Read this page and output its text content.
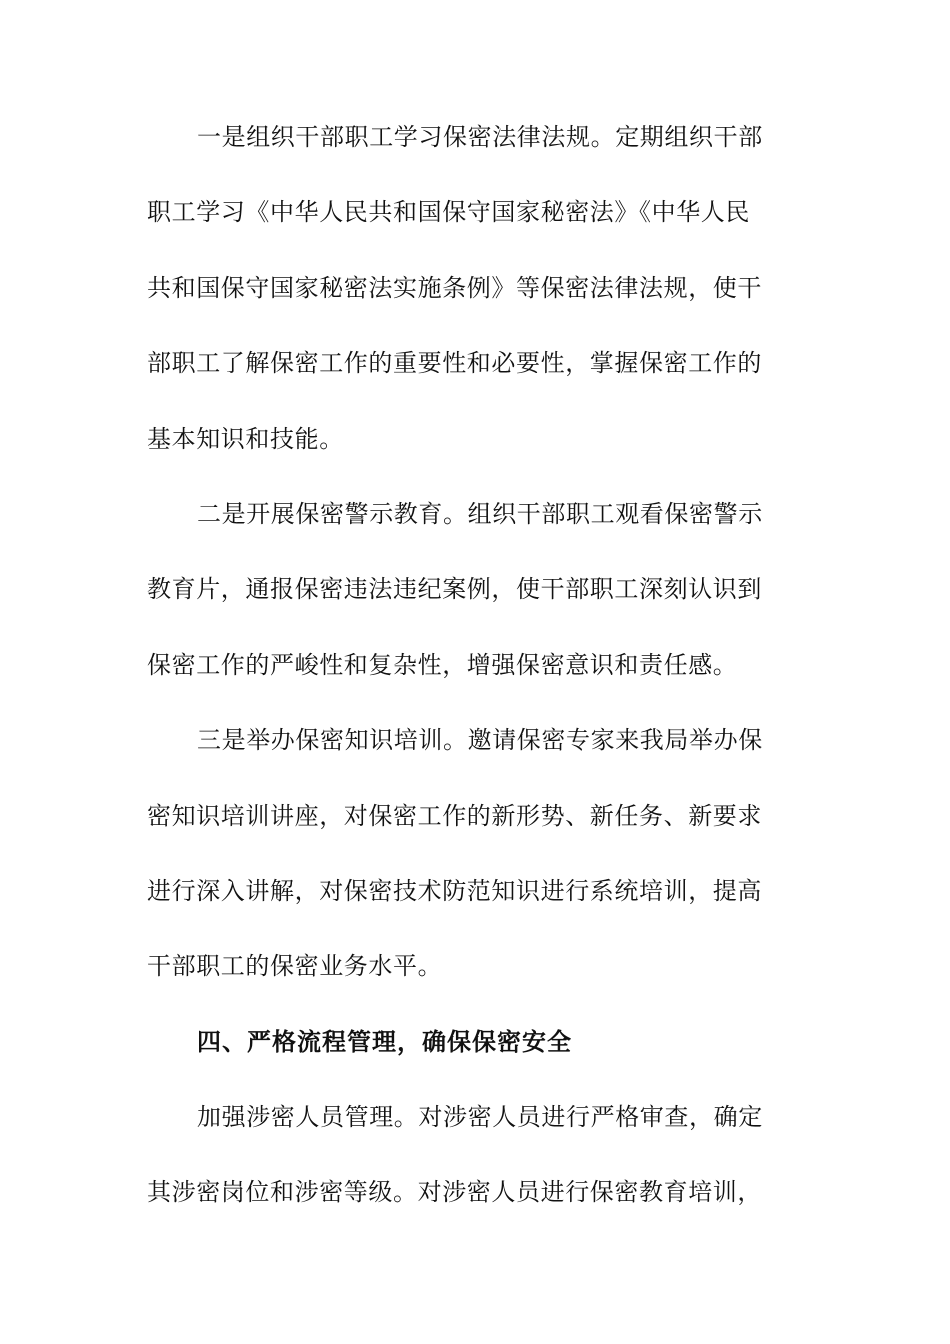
一是组织干部职工学习保密法律法规。定期组织干部
职工学习《中华人民共和国保守国家秘密法》《中华人民
共和国保守国家秘密法实施条例》等保密法律法规，使干
部职工了解保密工作的重要性和必要性，掌握保密工作的
基本知识和技能。
二是开展保密警示教育。组织干部职工观看保密警示
教育片，通报保密违法违纪案例，使干部职工深刻认识到
保密工作的严峻性和复杂性，增强保密意识和责任感。
三是举办保密知识培训。邀请保密专家来我局举办保
密知识培训讲座，对保密工作的新形势、新任务、新要求
进行深入讲解，对保密技术防范知识进行系统培训，提高
干部职工的保密业务水平。
四、严格流程管理，确保保密安全
加强涉密人员管理。对涉密人员进行严格审查，确定
其涉密岗位和涉密等级。对涉密人员进行保密教育培训，
